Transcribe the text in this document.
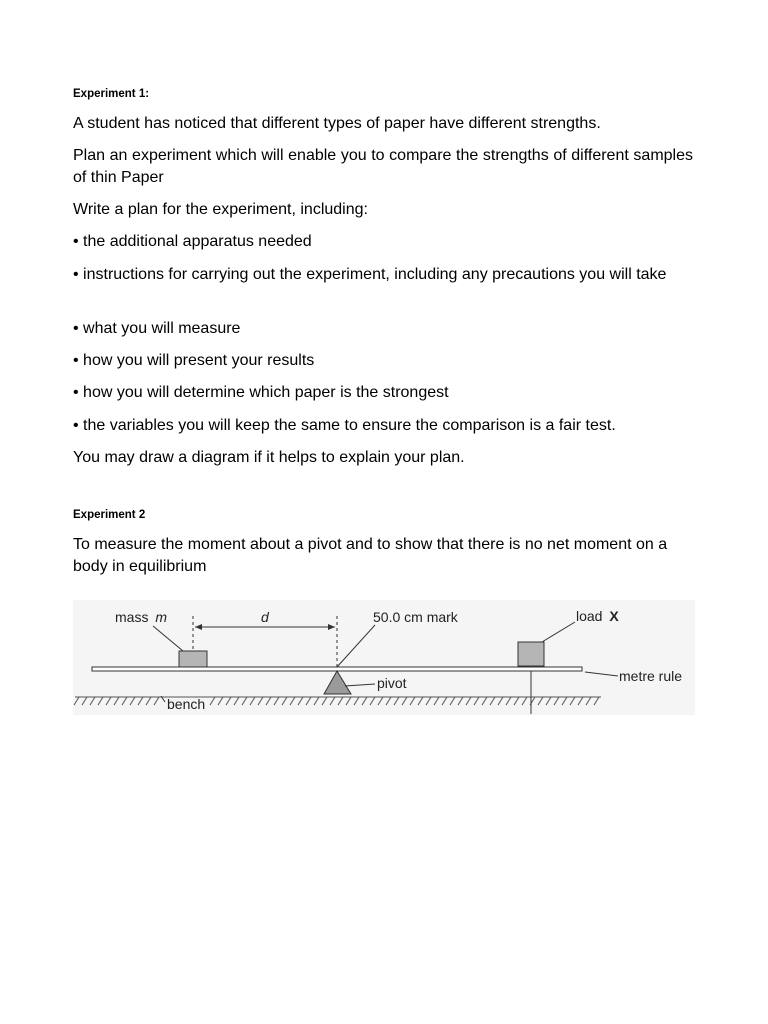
Experiment 1:
A student has noticed that different types of paper have different strengths.
Plan an experiment which will enable you to compare the strengths of different samples of thin Paper
Write a plan for the experiment, including:
• the additional apparatus needed
• instructions for carrying out the experiment, including any precautions you will take
• what you will measure
• how you will present your results
• how you will determine which paper is the strongest
• the variables you will keep the same to ensure the comparison is a fair test.
You may draw a diagram if it helps to explain your plan.
Experiment 2
To measure the moment about a pivot and to show that there is no net moment on a body in equilibrium
mass m	d	50.0 cm mark	load X
metre rule
pivot
bench
